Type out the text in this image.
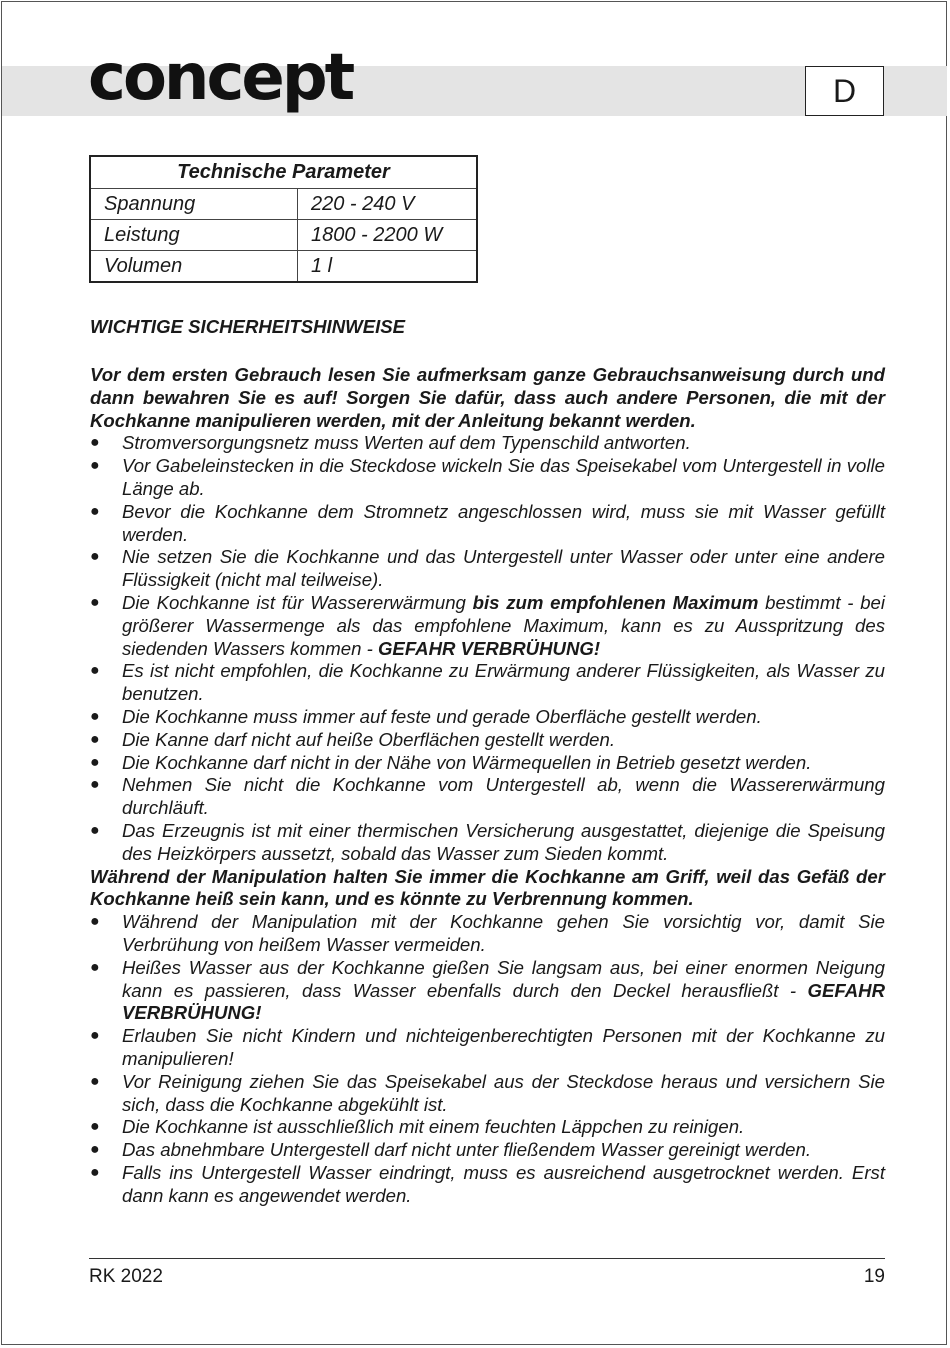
concept	D
Technische Parameter	
Spannung	220 - 240 V
Leistung	1800 - 2200 W
Volumen	1 l
WICHTIGE SICHERHEITSHINWEISE

Vor dem ersten Gebrauch lesen Sie aufmerksam ganze Gebrauchsanweisung durch und dann bewahren Sie es auf! Sorgen Sie dafür, dass auch andere Personen, die mit der Kochkanne manipulieren werden, mit der Anleitung bekannt werden.

● Stromversorgungsnetz muss Werten auf dem Typenschild antworten.
● Vor Gabeleinstecken in die Steckdose wickeln Sie das Speisekabel vom Untergestell in volle Länge ab.
● Bevor die Kochkanne dem Stromnetz angeschlossen wird, muss sie mit Wasser gefüllt werden.
● Nie setzen Sie die Kochkanne und das Untergestell unter Wasser oder unter eine andere Flüssigkeit (nicht mal teilweise).
● Die Kochkanne ist für Wassererwärmung bis zum empfohlenen Maximum bestimmt - bei größerer Wassermenge als das empfohlene Maximum, kann es zu Ausspritzung des siedenden Wassers kommen - GEFAHR VERBRÜHUNG!
● Es ist nicht empfohlen, die Kochkanne zu Erwärmung anderer Flüssigkeiten, als Wasser zu benutzen.
● Die Kochkanne muss immer auf feste und gerade Oberfläche gestellt werden.
● Die Kanne darf nicht auf heiße Oberflächen gestellt werden.
● Die Kochkanne darf nicht in der Nähe von Wärmequellen in Betrieb gesetzt werden.
● Nehmen Sie nicht die Kochkanne vom Untergestell ab, wenn die Wassererwärmung durchläuft.
● Das Erzeugnis ist mit einer thermischen Versicherung ausgestattet, diejenige die Speisung des Heizkörpers aussetzt, sobald das Wasser zum Sieden kommt.

Während der Manipulation halten Sie immer die Kochkanne am Griff, weil das Gefäß der Kochkanne heiß sein kann, und es könnte zu Verbrennung kommen.

● Während der Manipulation mit der Kochkanne gehen Sie vorsichtig vor, damit Sie Verbrühung von heißem Wasser vermeiden.
● Heißes Wasser aus der Kochkanne gießen Sie langsam aus, bei einer enormen Neigung kann es passieren, dass Wasser ebenfalls durch den Deckel herausfließt - GEFAHR VERBRÜHUNG!
● Erlauben Sie nicht Kindern und nichteigenberechtigten Personen mit der Kochkanne zu manipulieren!
● Vor Reinigung ziehen Sie das Speisekabel aus der Steckdose heraus und versichern Sie sich, dass die Kochkanne abgekühlt ist.
● Die Kochkanne ist ausschließlich mit einem feuchten Läppchen zu reinigen.
● Das abnehmbare Untergestell darf nicht unter fließendem Wasser gereinigt werden.
● Falls ins Untergestell Wasser eindringt, muss es ausreichend ausgetrocknet werden. Erst dann kann es angewendet werden.
RK 2022	19
